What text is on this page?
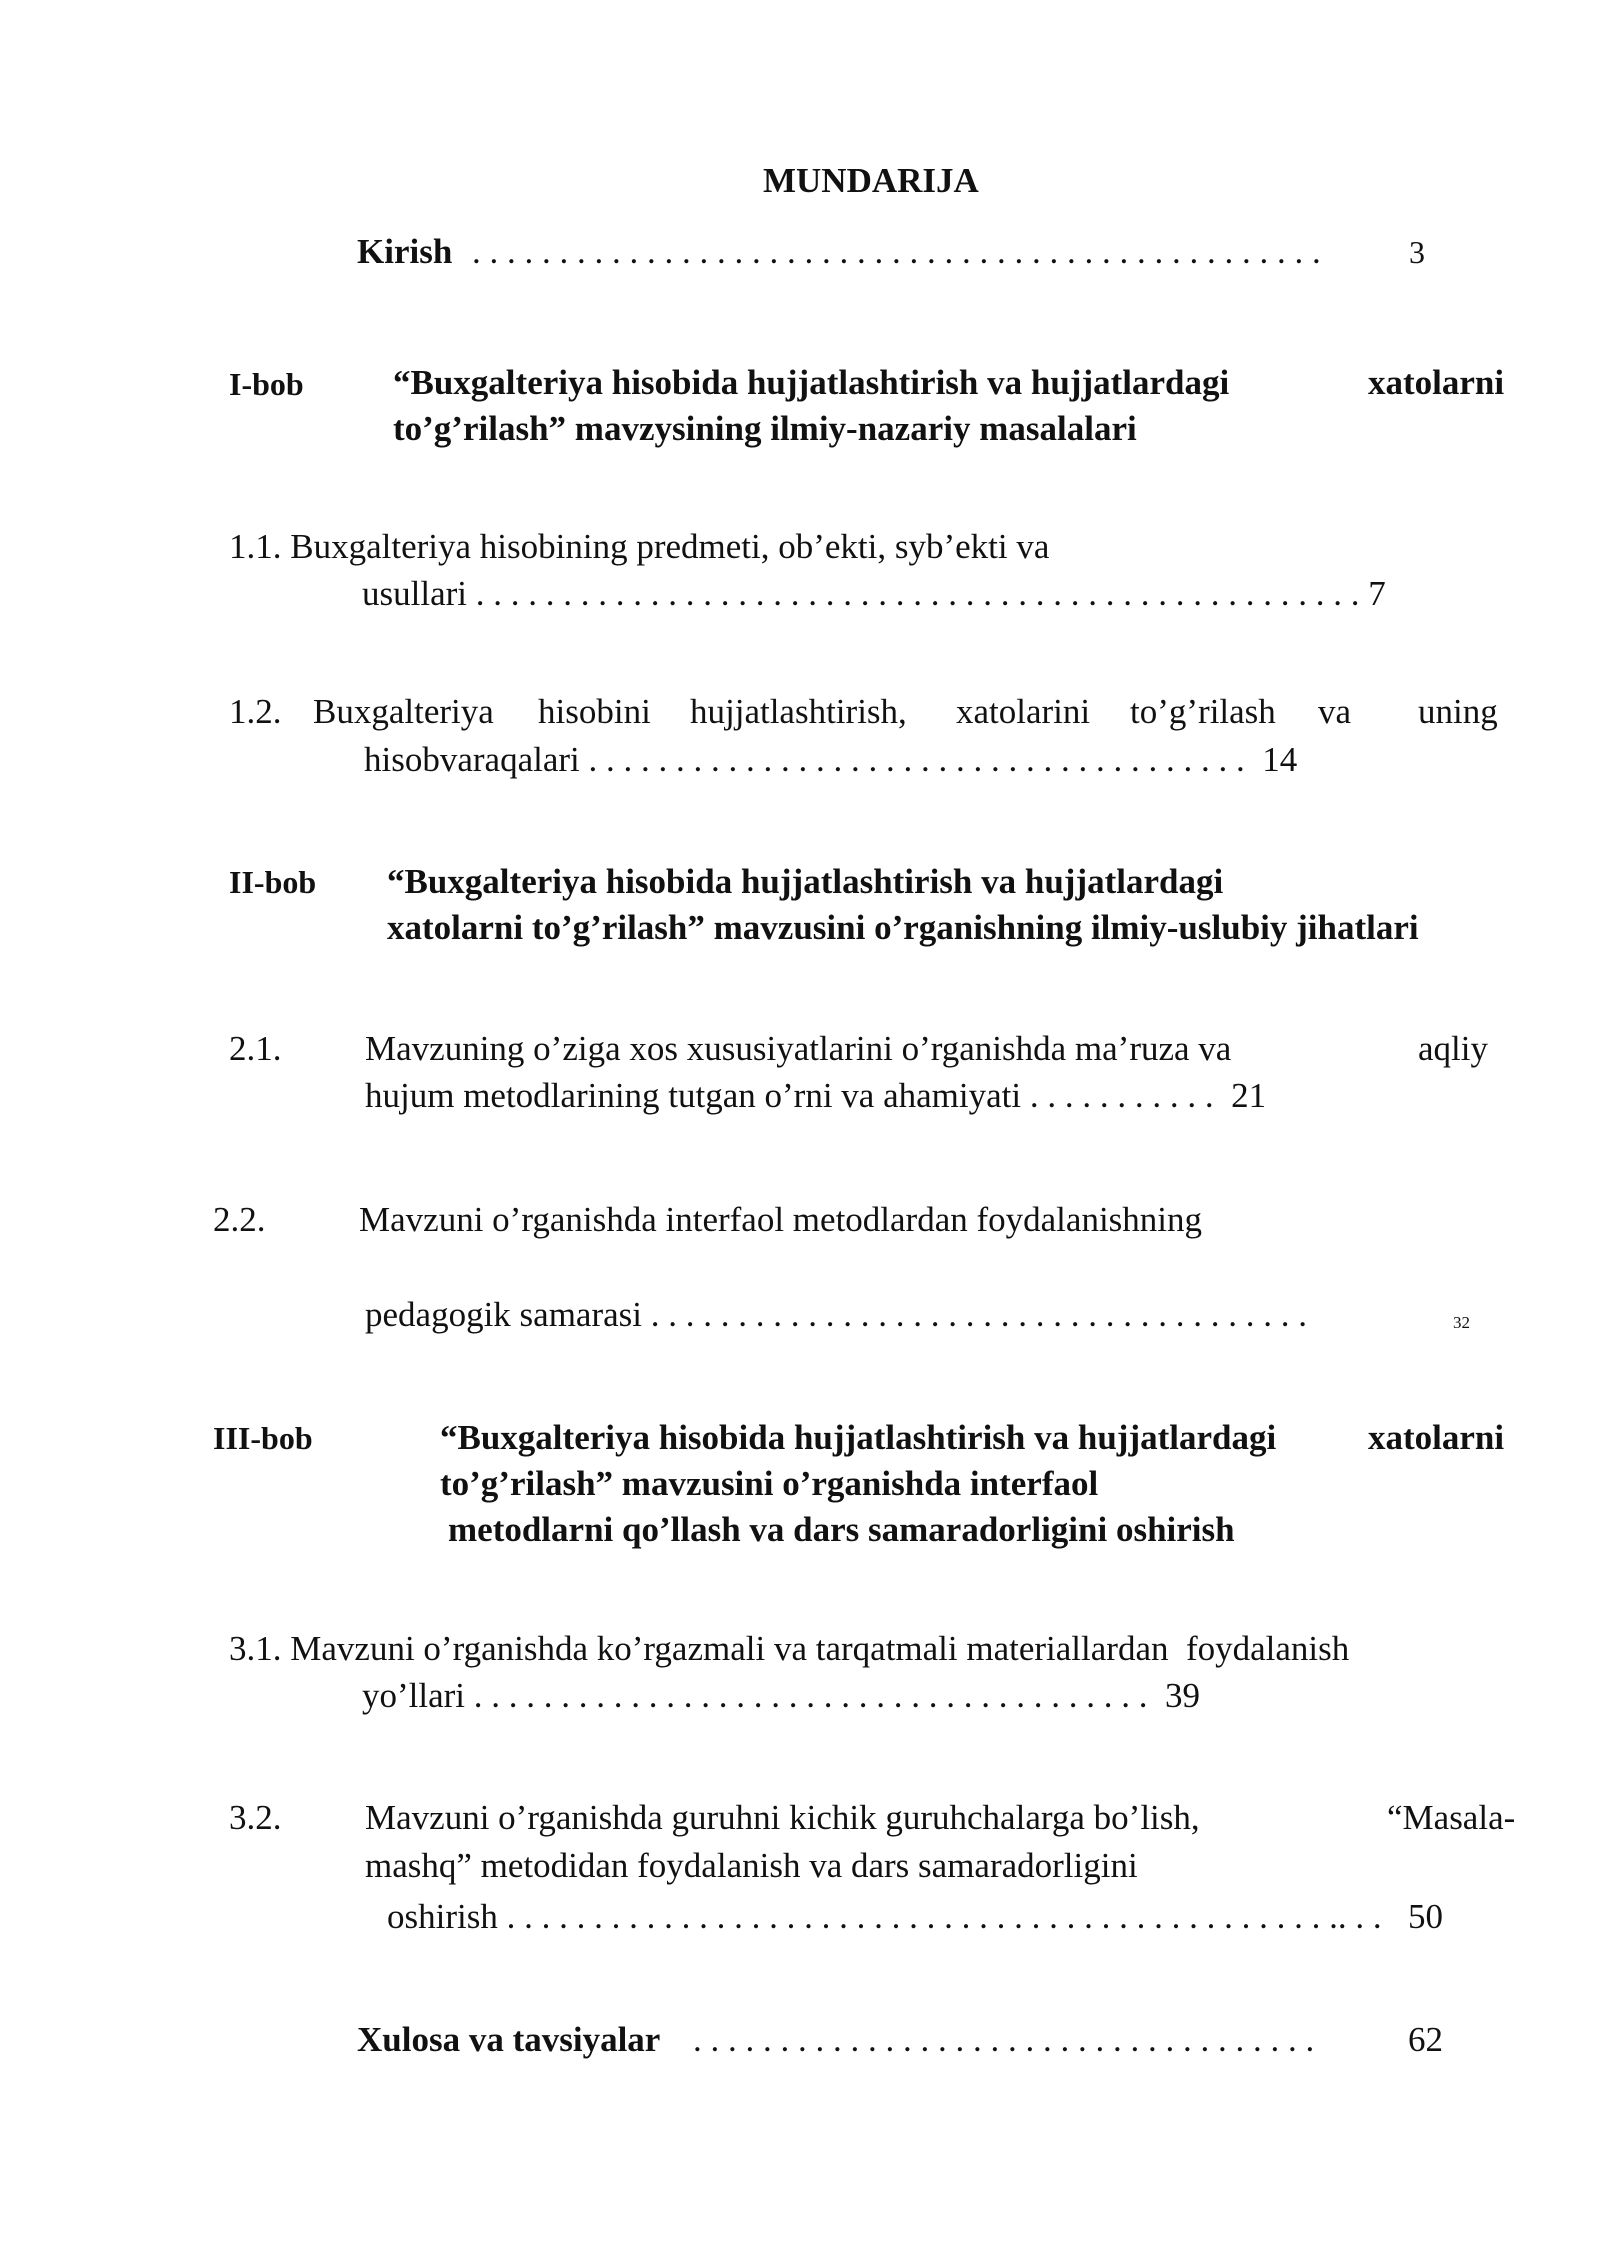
MUNDARIJA
Kirish . . . . . . . . . . . . . . . . . . . . . . . . . . . . . . . . . . . . . . . . . . . . . . . . .	3
I-bob	“Buxgalteriya hisobida hujjatlashtirish va hujjatlardagi	xatolarni
to’g’rilash” mavzysining ilmiy-nazariy masalalari
1.1. Buxgalteriya hisobining predmeti, ob’ekti, syb’ekti va
usullari . . . . . . . . . . . . . . . . . . . . . . . . . . . . . . . . . . . . . . . . . . . . . . . . . . . 7
1.2. Buxgalteriya hisobini hujjatlashtirish, xatolarini to’g’rilash va uning
hisobvaraqalari . . . . . . . . . . . . . . . . . . . . . . . . . . . . . . . . . . . . . .  14
II-bob “Buxgalteriya hisobida hujjatlashtirish va hujjatlardagi
xatolarni to’g’rilash” mavzusini o’rganishning ilmiy-uslubiy jihatlari
2.1. Mavzuning o’ziga xos xususiyatlarini o’rganishda ma’ruza va	aqliy
hujum metodlarining tutgan o’rni va ahamiyati . . . . . . . . . . .  21
2.2.	Mavzuni o’rganishda interfaol metodlardan foydalanishning
pedagogik samarasi . . . . . . . . . . . . . . . . . . . . . . . . . . . . . . . . . . . . . .	32
III-bob	“Buxgalteriya hisobida hujjatlashtirish va hujjatlardagi	xatolarni
to’g’rilash” mavzusini o’rganishda interfaol
metodlarni qo’llash va dars samaradorligini oshirish
3.1. Mavzuni o’rganishda ko’rgazmali va tarqatmali materiallardan  foydalanish
yo’llari . . . . . . . . . . . . . . . . . . . . . . . . . . . . . . . . . . . . . . .  39
3.2. Mavzuni o’rganishda guruhni kichik guruhchalarga bo’lish,	“Masala-
mashq” metodidan foydalanish va dars samaradorligini
oshirish . . . . . . . . . . . . . . . . . . . . . . . . . . . . . . . . . . . . . . . . . . . . . . . .. . . 50
Xulosa va tavsiyalar . . . . . . . . . . . . . . . . . . . . . . . . . . . . . . . . . . . .	62
